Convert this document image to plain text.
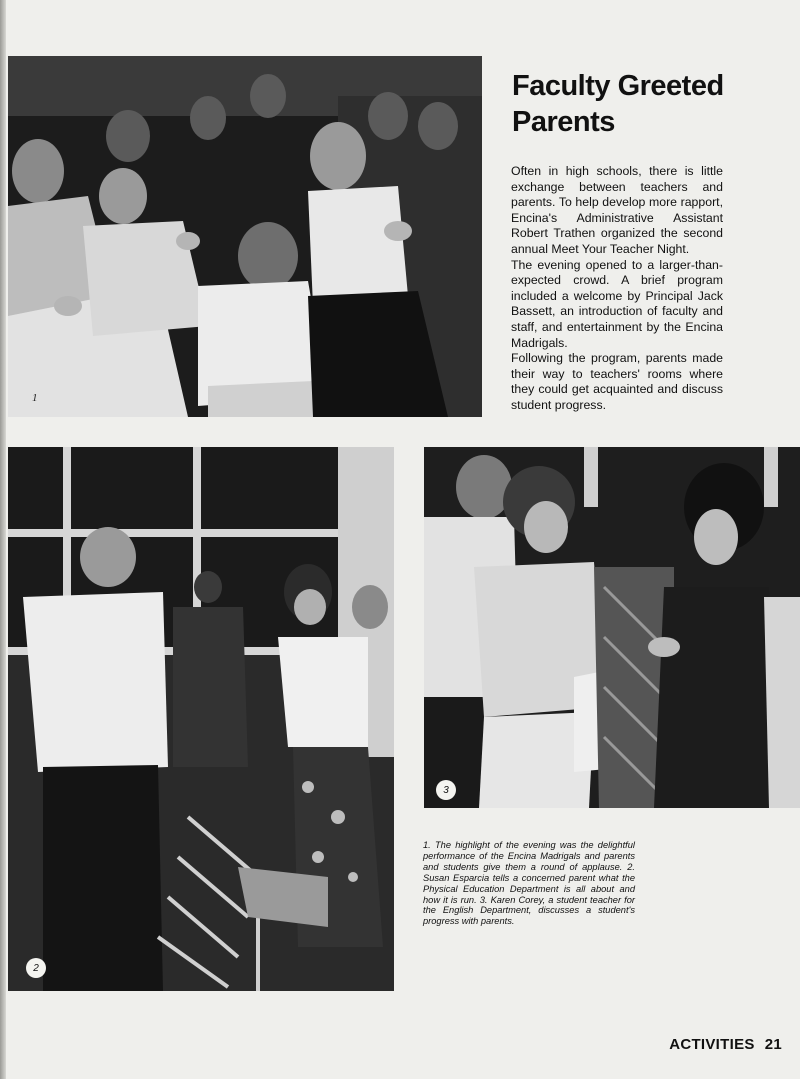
1
Faculty Greeted
Parents

Often in high schools, there is little exchange between teachers and parents. To help develop more rapport, Encina's Administrative Assistant Robert Trathen organized the second annual Meet Your Teacher Night.

The evening opened to a larger-than-expected crowd. A brief program included a welcome by Principal Jack Bassett, an introduction of faculty and staff, and entertainment by the Encina Madrigals.

Following the program, parents made their way to teachers' rooms where they could get acquainted and discuss student progress.

2
3

1. The highlight of the evening was the delightful performance of the Encina Madrigals and parents and students give them a round of applause. 2. Susan Esparcia tells a concerned parent what the Physical Education Department is all about and how it is run. 3. Karen Corey, a student teacher for the English Department, discusses a student's progress with parents.

ACTIVITIES 21
